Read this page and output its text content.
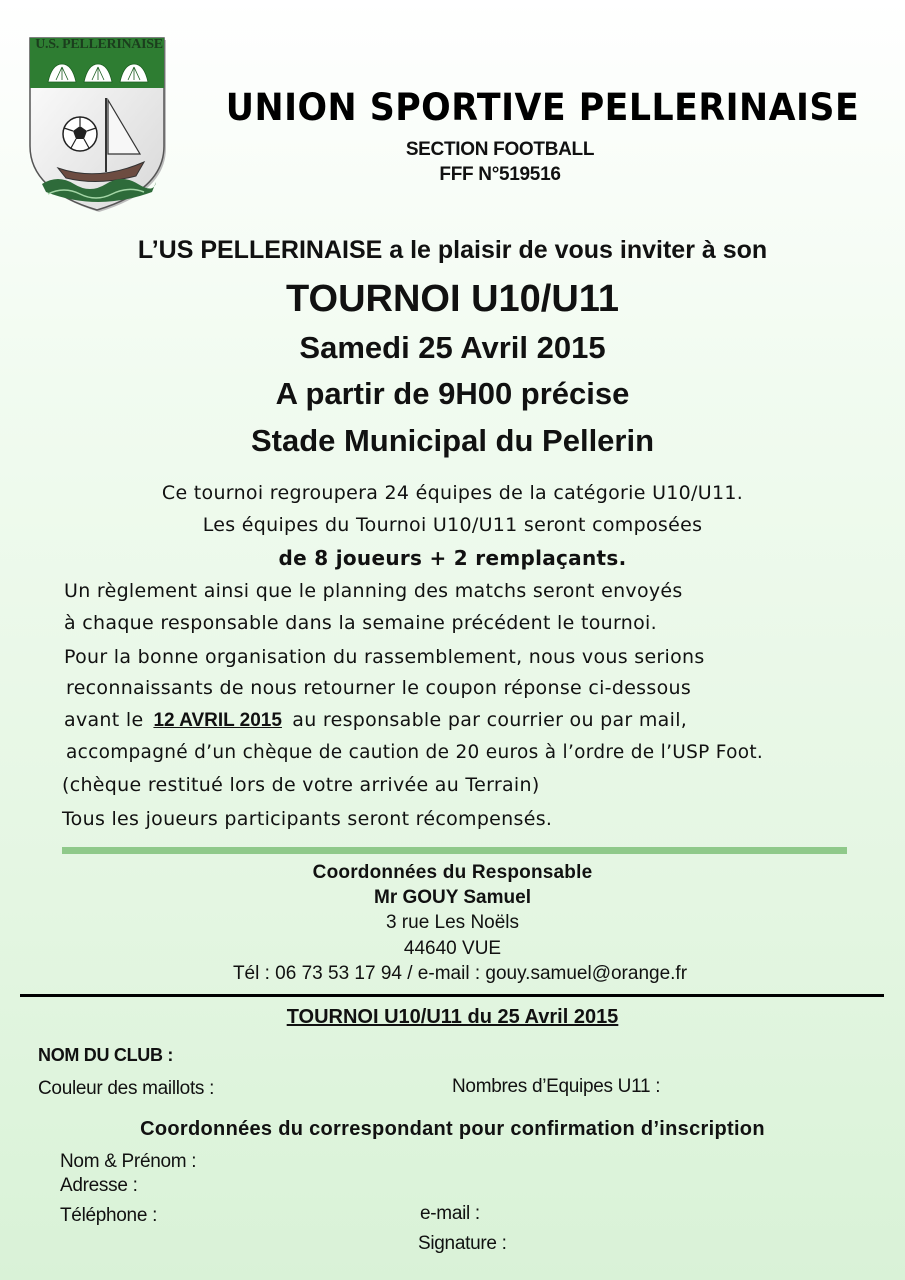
U.S. PELLERINAISE
UNION SPORTIVE PELLERINAISE
SECTION FOOTBALL
FFF N°519516
L’US PELLERINAISE a le plaisir de vous inviter à son
TOURNOI U10/U11
Samedi 25 Avril 2015
A partir de 9H00 précise
Stade Municipal du Pellerin
Ce tournoi regroupera 24 équipes de la catégorie U10/U11.
Les équipes du Tournoi U10/U11 seront composées
de 8 joueurs + 2 remplaçants.
Un règlement ainsi que le planning des matchs seront envoyés
à chaque responsable dans la semaine précédent le tournoi.
Pour la bonne organisation du rassemblement, nous vous serions
reconnaissants de nous retourner le coupon réponse ci-dessous
avant le 12 AVRIL 2015 au responsable par courrier ou par mail,
accompagné d’un chèque de caution de 20 euros à l’ordre de l’USP Foot.
(chèque restitué lors de votre arrivée au Terrain)
Tous les joueurs participants seront récompensés.
Coordonnées du Responsable
Mr GOUY Samuel
3 rue Les Noëls
44640 VUE
Tél : 06 73 53 17 94 / e-mail : gouy.samuel@orange.fr
TOURNOI U10/U11 du 25 Avril 2015
NOM DU CLUB :
Couleur des maillots :	Nombres d’Equipes U11 :
Coordonnées du correspondant pour confirmation d’inscription
Nom & Prénom :
Adresse :
Téléphone :	e-mail :
Signature :
